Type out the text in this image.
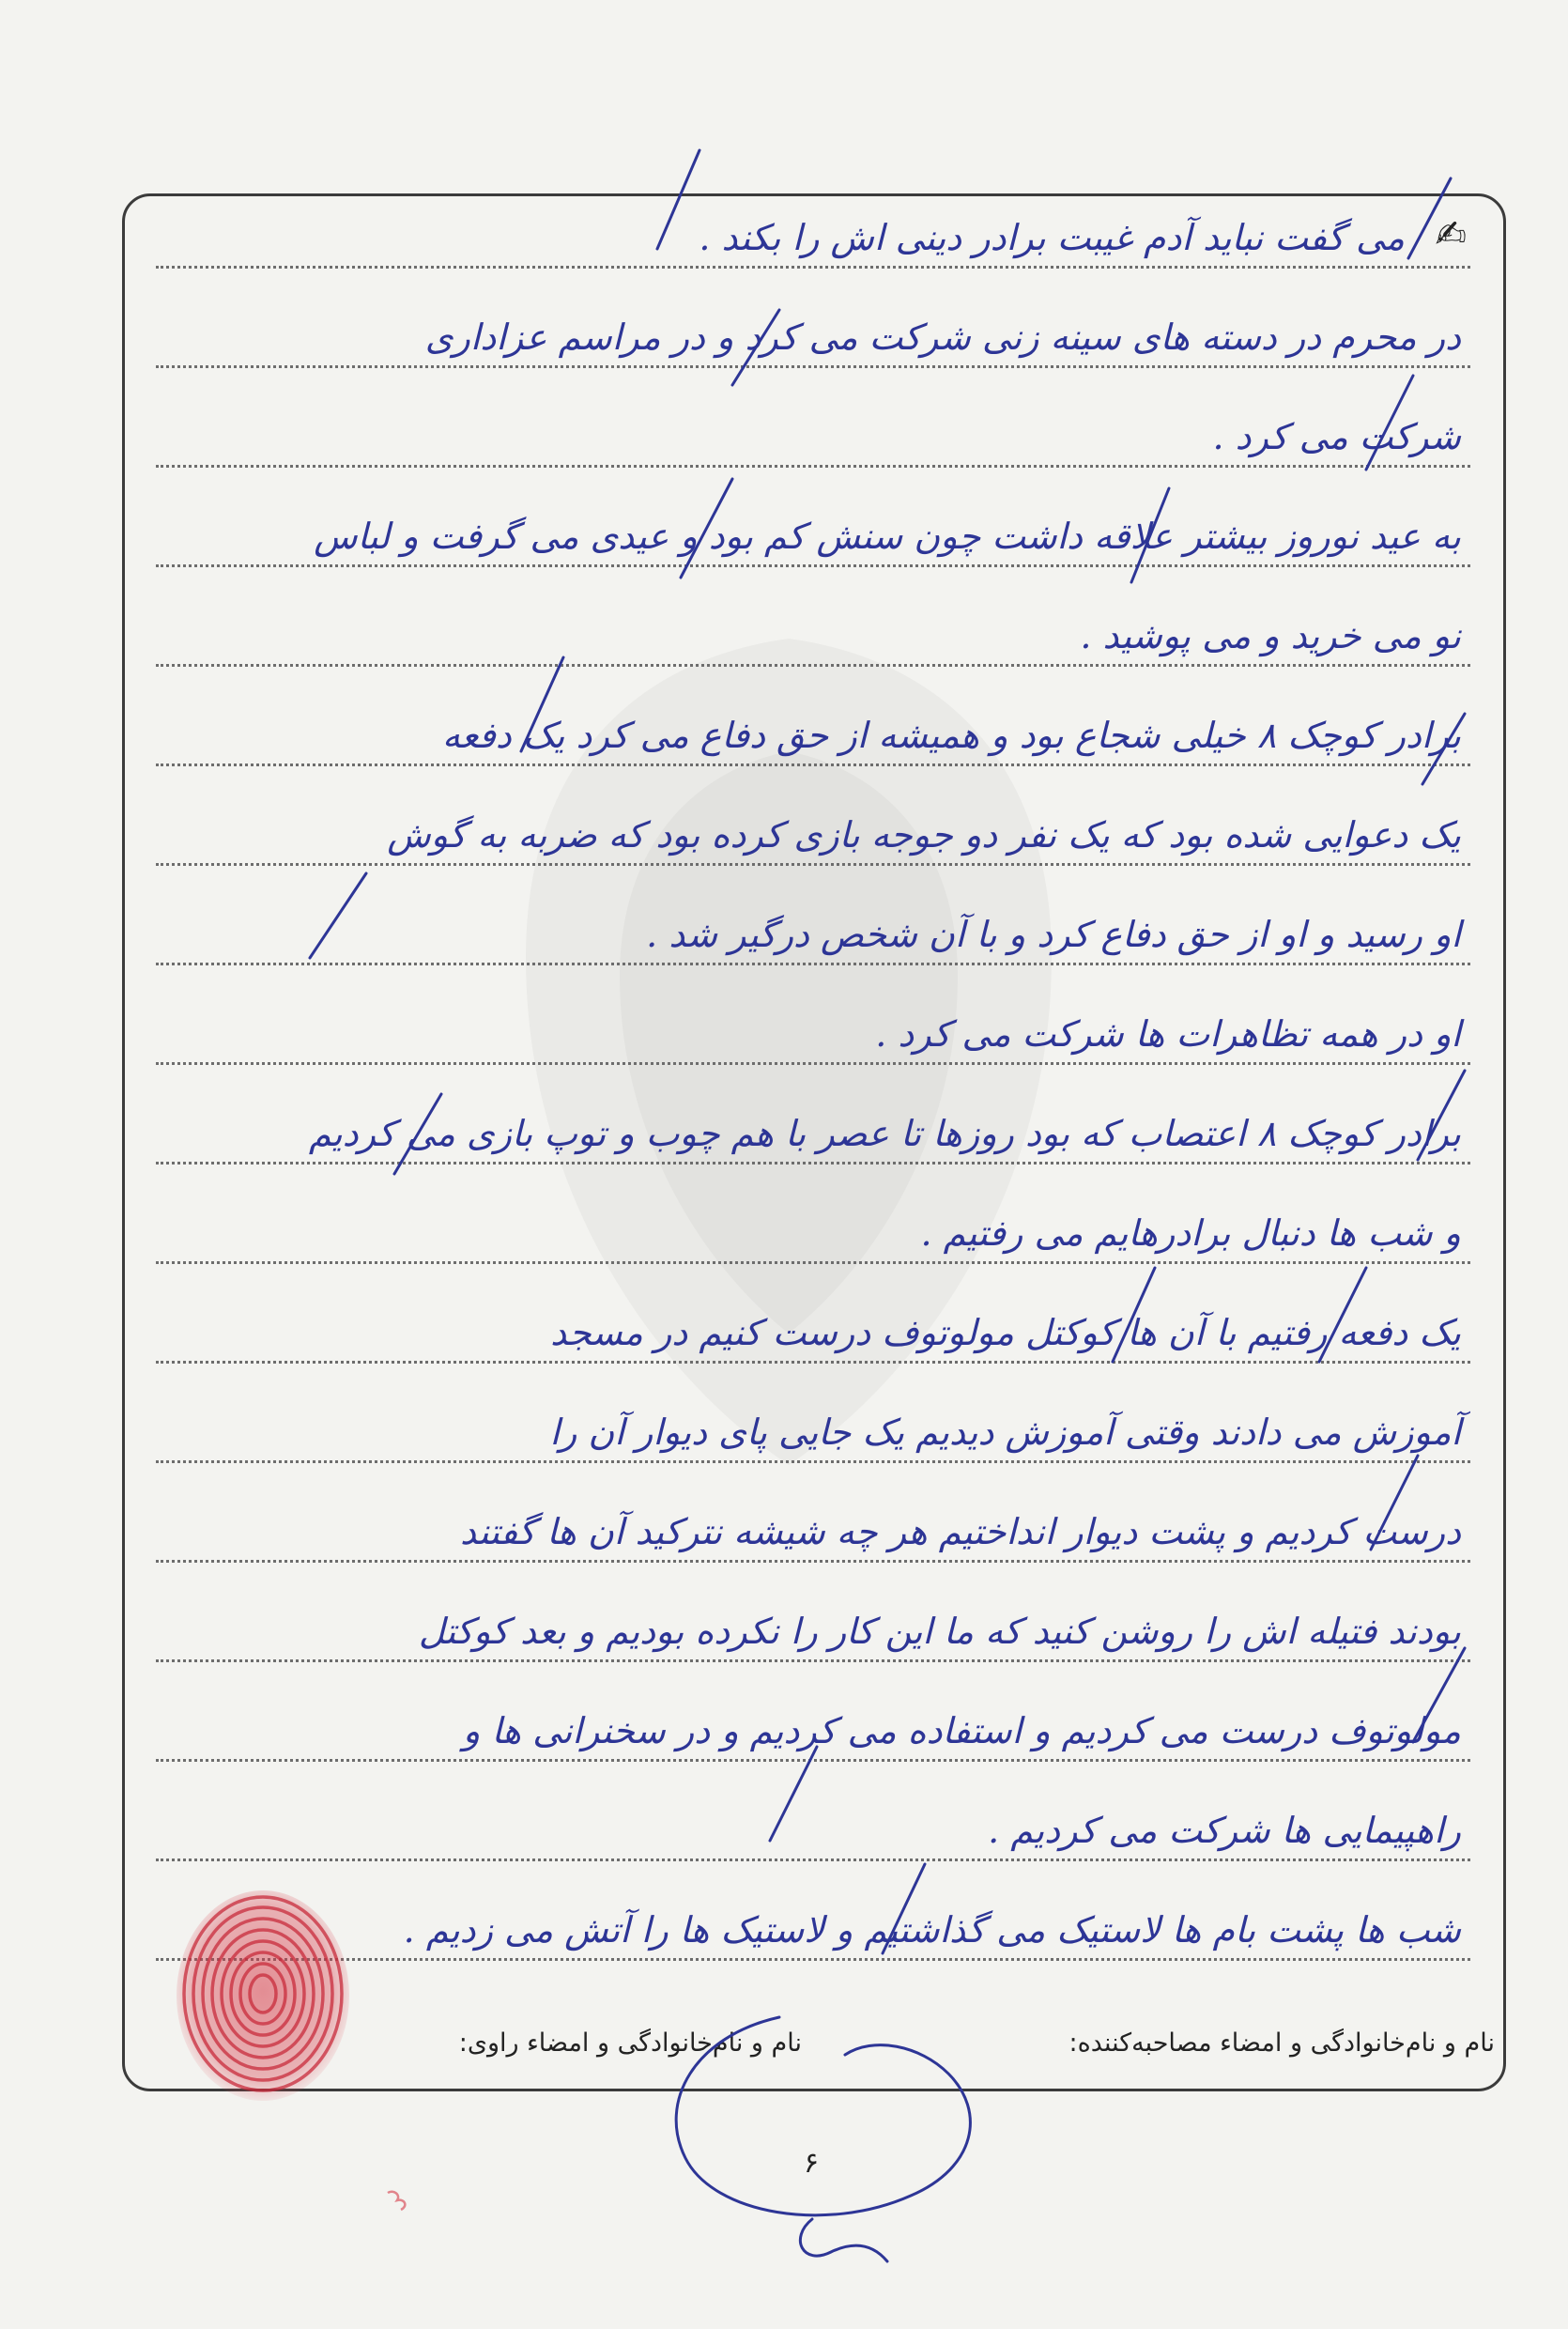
✍
می گفت نباید آدم غیبت برادر دینی اش را بکند .
در محرم در دسته های سینه زنی شرکت می کرد و در مراسم عزاداری
شرکت می کرد .
به عید نوروز بیشتر علاقه داشت چون سنش کم بود و عیدی می گرفت و لباس
نو می خرید و می پوشید .
برادر کوچک ۸ خیلی شجاع بود و همیشه از حق دفاع می کرد یک دفعه
یک دعوایی شده بود که یک نفر دو جوجه بازی کرده بود که ضربه به گوش
او رسید و او از حق دفاع کرد و با آن شخص درگیر شد .
او در همه تظاهرات ها شرکت می کرد .
برادر کوچک ۸ اعتصاب که بود روزها تا عصر با هم چوب و توپ بازی می کردیم
و شب ها دنبال برادرهایم می رفتیم .
یک دفعه رفتیم با آن ها کوکتل مولوتوف درست کنیم در مسجد
آموزش می دادند وقتی آموزش دیدیم یک جایی پای دیوار آن را
درست کردیم و پشت دیوار انداختیم هر چه شیشه نترکید آن ها گفتند
بودند فتیله اش را روشن کنید که ما این کار را نکرده بودیم و بعد کوکتل
مولوتوف درست می کردیم و استفاده می کردیم و در سخنرانی ها و
راهپیمایی ها شرکت می کردیم .
شب ها پشت بام ها لاستیک می گذاشتیم و لاستیک ها را آتش می زدیم .
نام و نام‌خانوادگی و امضاء مصاحبه‌کننده:
نام و نام‌خانوادگی و امضاء راوی:
۶
